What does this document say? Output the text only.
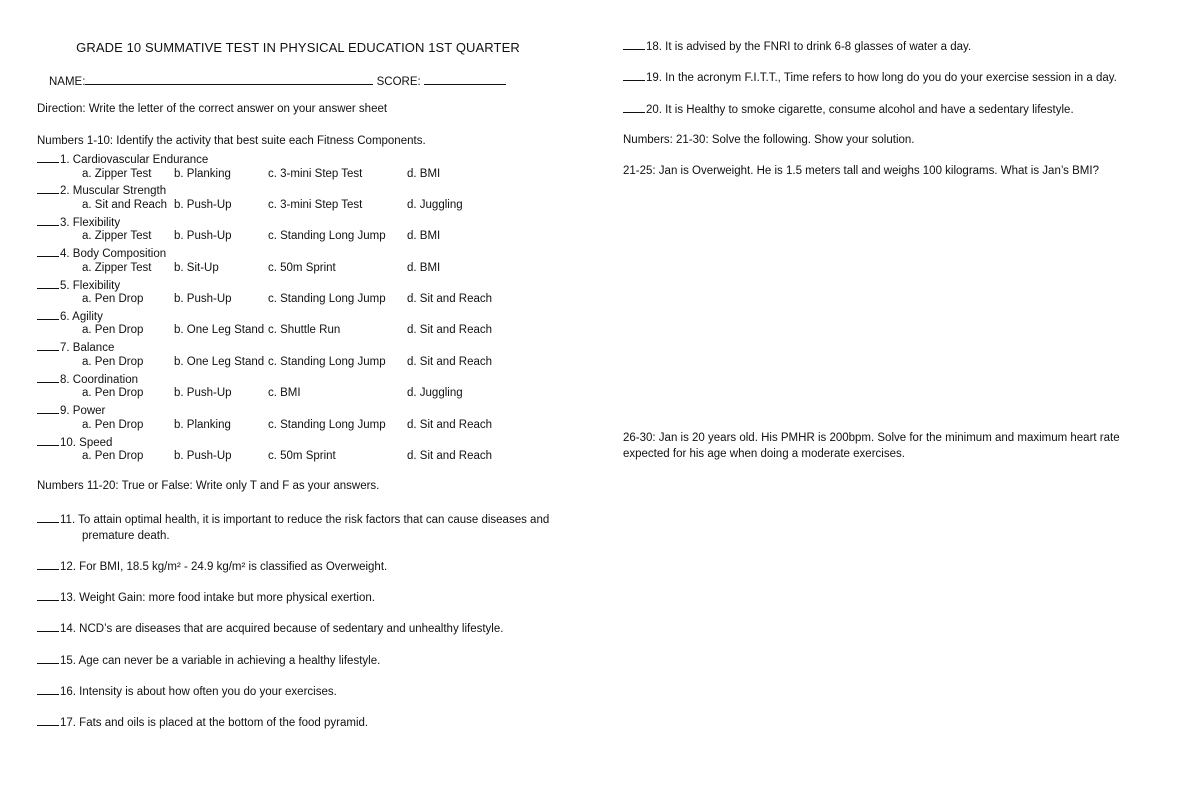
GRADE 10 SUMMATIVE TEST IN PHYSICAL EDUCATION 1ST QUARTER
NAME:	SCORE:
Direction: Write the letter of the correct answer on your answer sheet
Numbers 1-10: Identify the activity that best suite each Fitness Components.
1. Cardiovascular Endurance
a. Zipper Test b. Planking	c. 3-mini Step Test	d. BMI
2. Muscular Strength
a. Sit and Reach b. Push-Up	c. 3-mini Step Test	d. Juggling
3. Flexibility
a. Zipper Test b. Push-Up	c. Standing Long Jump d. BMI
4. Body Composition
a. Zipper Test b. Sit-Up	c. 50m Sprint	d. BMI
5. Flexibility
a. Pen Drop	b. Push-Up	c. Standing Long Jump d. Sit and Reach
6. Agility
a. Pen Drop	b. One Leg Stand c. Shuttle Run	d. Sit and Reach
7. Balance
a. Pen Drop	b. One Leg Stand c. Standing Long Jump d. Sit and Reach
8. Coordination
a. Pen Drop	b. Push-Up	c. BMI	d. Juggling
9. Power
a. Pen Drop	b. Planking	c. Standing Long Jump d. Sit and Reach
10. Speed
a. Pen Drop	b. Push-Up	c. 50m Sprint	d. Sit and Reach
Numbers 11-20: True or False: Write only T and F as your answers.
11. To attain optimal health, it is important to reduce the risk factors that can cause diseases and
premature death.
12. For BMI, 18.5 kg/m² - 24.9 kg/m² is classified as Overweight.
13. Weight Gain: more food intake but more physical exertion.
14. NCD’s are diseases that are acquired because of sedentary and unhealthy lifestyle.
15. Age can never be a variable in achieving a healthy lifestyle.
16. Intensity is about how often you do your exercises.
17. Fats and oils is placed at the bottom of the food pyramid.
18. It is advised by the FNRI to drink 6-8 glasses of water a day.
19. In the acronym F.I.T.T., Time refers to how long do you do your exercise session in a day.
20. It is Healthy to smoke cigarette, consume alcohol and have a sedentary lifestyle.
Numbers: 21-30: Solve the following. Show your solution.
21-25: Jan is Overweight. He is 1.5 meters tall and weighs 100 kilograms. What is Jan’s BMI?
26-30: Jan is 20 years old. His PMHR is 200bpm. Solve for the minimum and maximum heart rate
expected for his age when doing a moderate exercises.
